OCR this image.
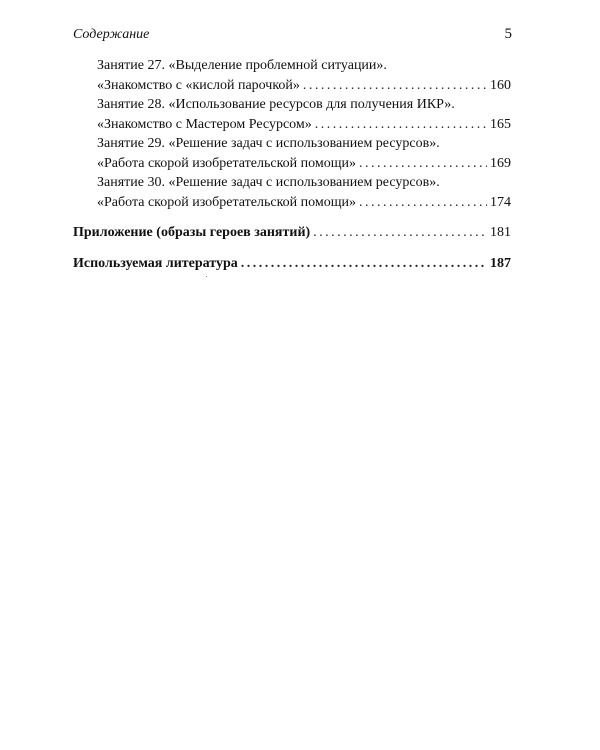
Содержание	5
Занятие 27. «Выделение проблемной ситуации».
«Знакомство с «кислой парочкой» .....	160
Занятие 28. «Использование ресурсов для получения ИКР».
«Знакомство с Мастером Ресурсом» .....	165
Занятие 29. «Решение задач с использованием ресурсов».
«Работа скорой изобретательской помощи» .....	169
Занятие 30. «Решение задач с использованием ресурсов».
«Работа скорой изобретательской помощи» .....	174
Приложение (образы героев занятий) .....	181
Используемая литература .....	187
